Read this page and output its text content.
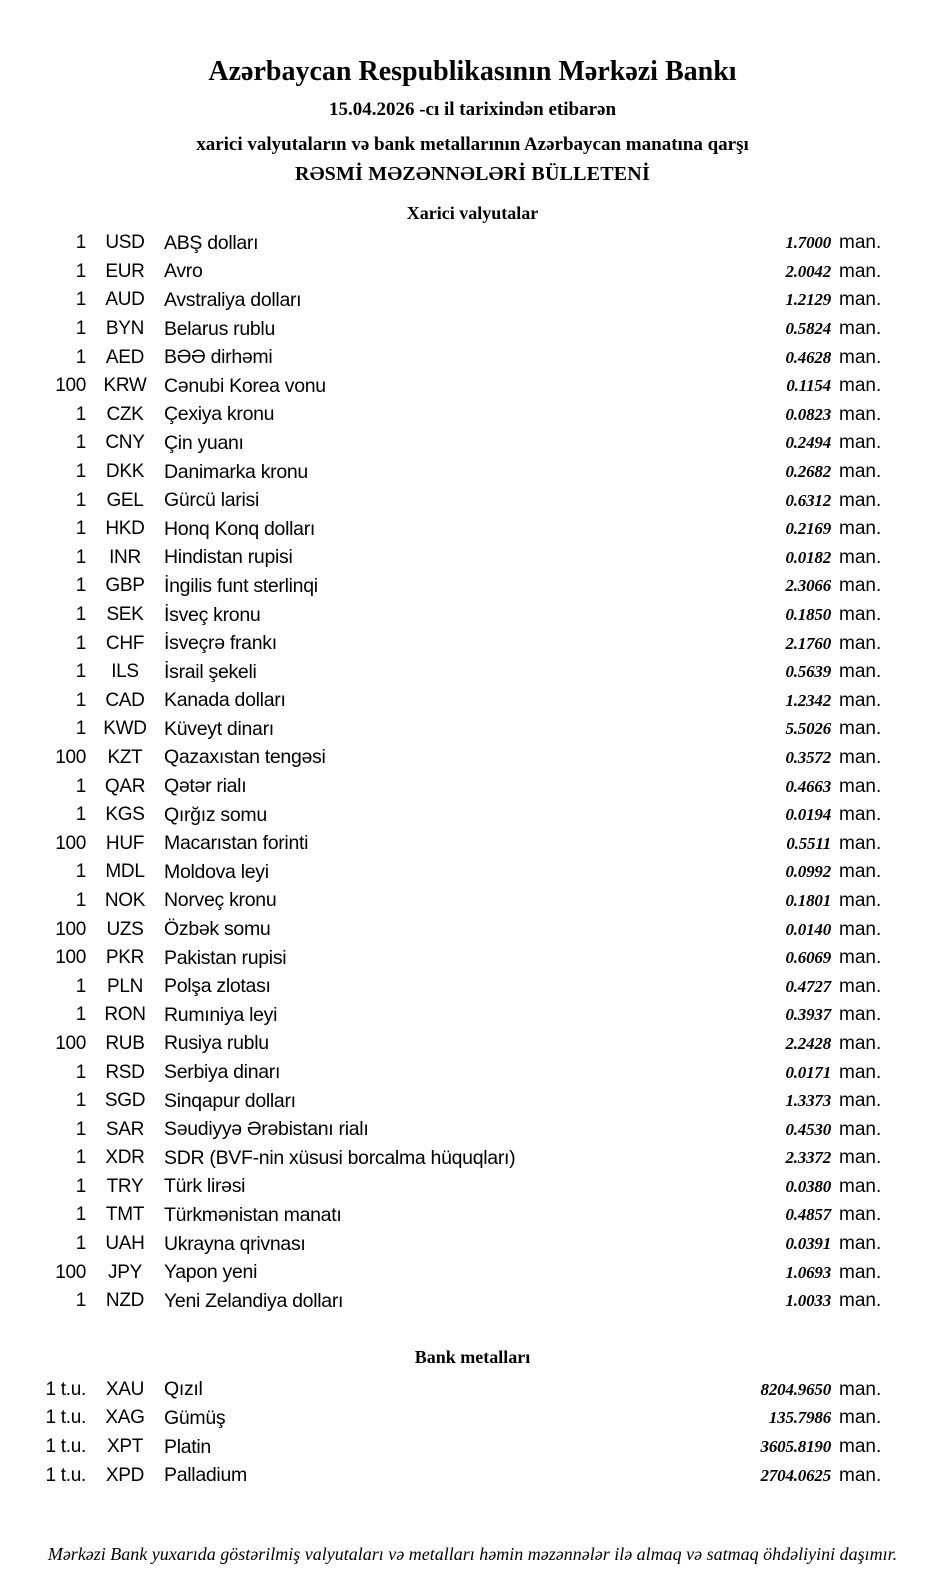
Azərbaycan Respublikasının Mərkəzi Bankı
15.04.2026 -cı il tarixindən etibarən
xarici valyutaların və bank metallarının Azərbaycan manatına qarşı
RƏSMİ MƏZƏNNƏLƏRİ BÜLLETENİ
Xarici valyutalar
1	USD ABŞ dolları	1.7000 man.
1	EUR Avro	2.0042 man.
1	AUD Avstraliya dolları	1.2129 man.
1	BYN	Belarus rublu	0.5824 man.
1	AED	BƏƏ dirhəmi	0.4628 man.
100 KRW Cənubi Korea vonu	0.1154 man.
1	CZK	Çexiya kronu	0.0823 man.
1	CNY Çin yuanı	0.2494 man.
1	DKK	Danimarka kronu	0.2682 man.
1	GEL	Gürcü larisi	0.6312 man.
1	HKD Honq Konq dolları	0.2169 man.
1	INR	Hindistan rupisi	0.0182 man.
1	GBP İngilis funt sterlinqi	2.3066 man.
1	SEK	İsveç kronu	0.1850 man.
1	CHF	İsveçrə frankı	2.1760 man.
1	ILS	İsrail şekeli	0.5639 man.
1	CAD Kanada dolları	1.2342 man.
1 KWD Küveyt dinarı	5.5026 man.
100	KZT	Qazaxıstan tengəsi	0.3572 man.
1 QAR Qətər rialı	0.4663 man.
1	KGS Qırğız somu	0.0194 man.
100	HUF	Macarıstan forinti	0.5511 man.
1	MDL Moldova leyi	0.0992 man.
1 NOK Norveç kronu	0.1801 man.
100	UZS	Özbək somu	0.0140 man.
100	PKR	Pakistan rupisi	0.6069 man.
1	PLN	Polşa zlotası	0.4727 man.
1 RON Rumıniya leyi	0.3937 man.
100	RUB Rusiya rublu	2.2428 man.
1	RSD Serbiya dinarı	0.0171 man.
1 SGD Sinqapur dolları	1.3373 man.
1	SAR	Səudiyyə Ərəbistanı rialı	0.4530 man.
1	XDR SDR (BVF-nin xüsusi borcalma hüquqları)	2.3372 man.
1	TRY	Türk lirəsi	0.0380 man.
1	TMT	Türkmənistan manatı	0.4857 man.
1	UAH Ukrayna qrivnası	0.0391 man.
100	JPY	Yapon yeni	1.0693 man.
1	NZD	Yeni Zelandiya dolları	1.0033 man.
Bank metalları
1 t.u.	XAU	Qızıl	8204.9650 man.
1 t.u.	XAG Gümüş	135.7986 man.
1 t.u.	XPT	Platin	3605.8190 man.
1 t.u.	XPD	Palladium	2704.0625 man.
Mərkəzi Bank yuxarıda göstərilmiş valyutaları və metalları həmin məzənnələr ilə almaq və satmaq öhdəliyini daşımır.
